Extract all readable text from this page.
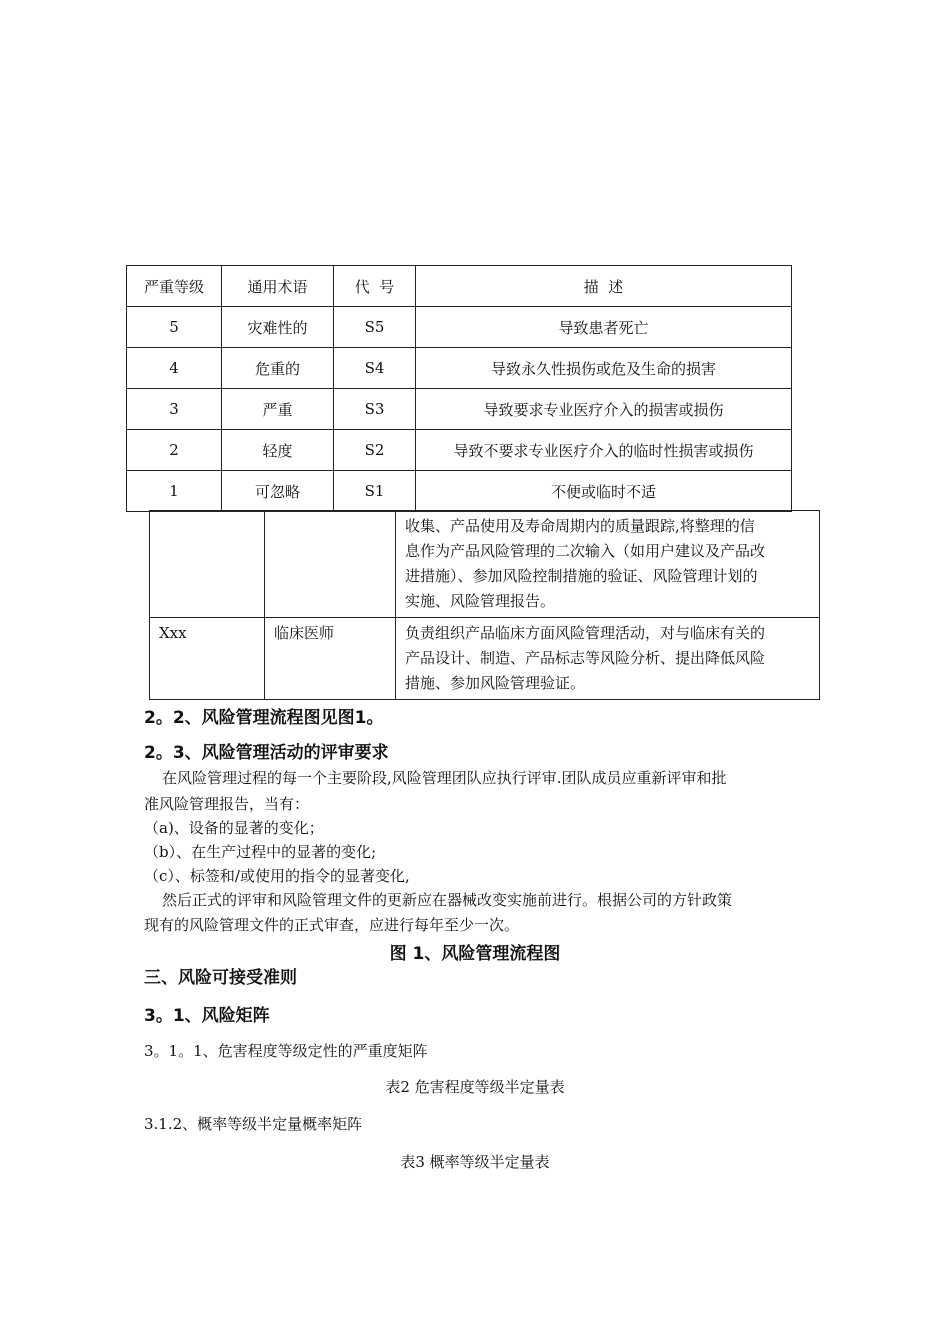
严重等级	通用术语	代  号	描  述
5	灾难性的	S5	导致患者死亡
4	危重的	S4	导致永久性损伤或危及生命的损害
3	严重	S3	导致要求专业医疗介入的损害或损伤
2	轻度	S2	导致不要求专业医疗介入的临时性损害或损伤
1	可忽略	S1	不便或临时不适

		收集、产品使用及寿命周期内的质量跟踪,将整理的信
息作为产品风险管理的二次输入（如用户建议及产品改
进措施）、参加风险控制措施的验证、风险管理计划的
实施、风险管理报告。

Xxx	临床医师	负责组织产品临床方面风险管理活动，对与临床有关的
产品设计、制造、产品标志等风险分析、提出降低风险
措施、参加风险管理验证。
2。2、风险管理流程图见图1。
2。3、风险管理活动的评审要求
在风险管理过程的每一个主要阶段,风险管理团队应执行评审.团队成员应重新评审和批
准风险管理报告，当有：
（a)、设备的显著的变化；
（b）、在生产过程中的显著的变化;
（c）、标签和/或使用的指令的显著变化,
然后正式的评审和风险管理文件的更新应在器械改变实施前进行。根据公司的方针政策
现有的风险管理文件的正式审查，应进行每年至少一次。
图 1、风险管理流程图
三、风险可接受准则
3。1、风险矩阵
3。1。1、危害程度等级定性的严重度矩阵
表2 危害程度等级半定量表
3.1.2、概率等级半定量概率矩阵
表3 概率等级半定量表
